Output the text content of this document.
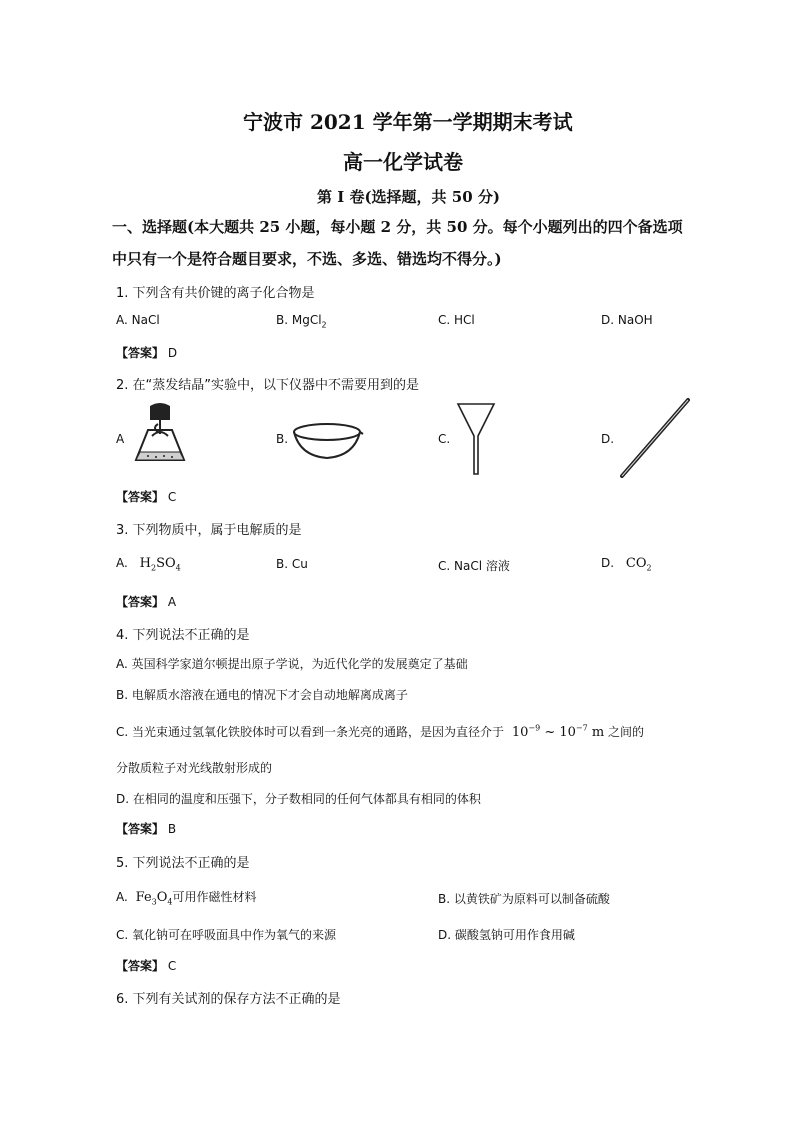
宁波市 2021 学年第一学期期末考试
高一化学试卷
第 I 卷(选择题，共 50 分)
一、选择题(本大题共 25 小题，每小题 2 分，共 50 分。每个小题列出的四个备选项
中只有一个是符合题目要求，不选、多选、错选均不得分。)
1. 下列含有共价键的离子化合物是
A. NaCl	B. MgCl$_2$	C. HCl	D. NaOH
【答案】 D
2. 在“蒸发结晶”实验中，以下仪器中不需要用到的是
A	B.	C.	D.
【答案】 C
3. 下列物质中，属于电解质的是
A. $H_2SO_4$	B. Cu	C. NaCl 溶液	D. $CO_2$
【答案】 A
4. 下列说法不正确的是
A. 英国科学家道尔顿提出原子学说，为近代化学的发展奠定了基础
B. 电解质水溶液在通电的情况下才会自动地解离成离子
C. 当光束通过氢氧化铁胶体时可以看到一条光亮的通路，是因为直径介于 $10^{-9}$ ~ $10^{-7}$ m 之间的
分散质粒子对光线散射形成的
D. 在相同的温度和压强下，分子数相同的任何气体都具有相同的体积
【答案】 B
5. 下列说法不正确的是
A. $Fe_3O_4$可用作磁性材料	B. 以黄铁矿为原料可以制备硫酸
C. 氧化钠可在呼吸面具中作为氧气的来源	D. 碳酸氢钠可用作食用碱
【答案】 C
6. 下列有关试剂的保存方法不正确的是
